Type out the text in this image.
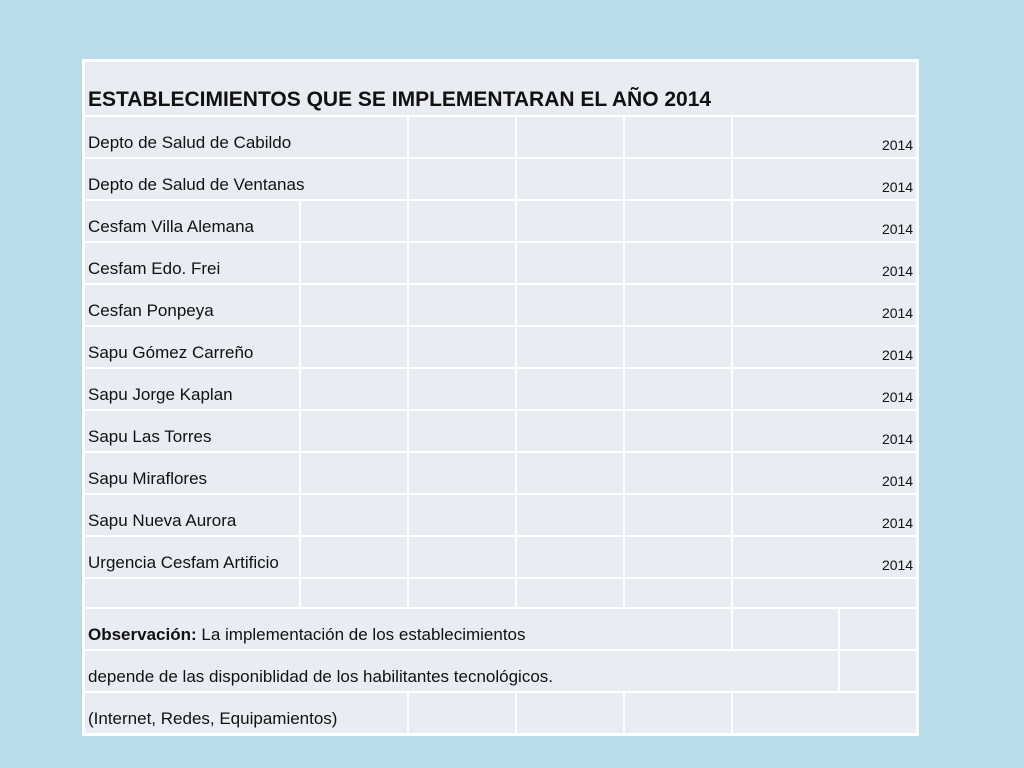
ESTABLECIMIENTOS QUE SE IMPLEMENTARAN EL AÑO 2014						
Depto de Salud de Cabildo					2014	
Depto de Salud de Ventanas					2014	
Cesfam Villa Alemana					2014	
Cesfam Edo. Frei					2014	
Cesfan Ponpeya					2014	
Sapu Gómez Carreño					2014	
Sapu Jorge Kaplan					2014	
Sapu Las Torres					2014	
Sapu Miraflores					2014	
Sapu Nueva Aurora					2014	
Urgencia Cesfam Artificio					2014	

Observación: La implementación de los establecimientos						
depende de las disponiblidad de los habilitantes tecnológicos.						
(Internet, Redes, Equipamientos)						
